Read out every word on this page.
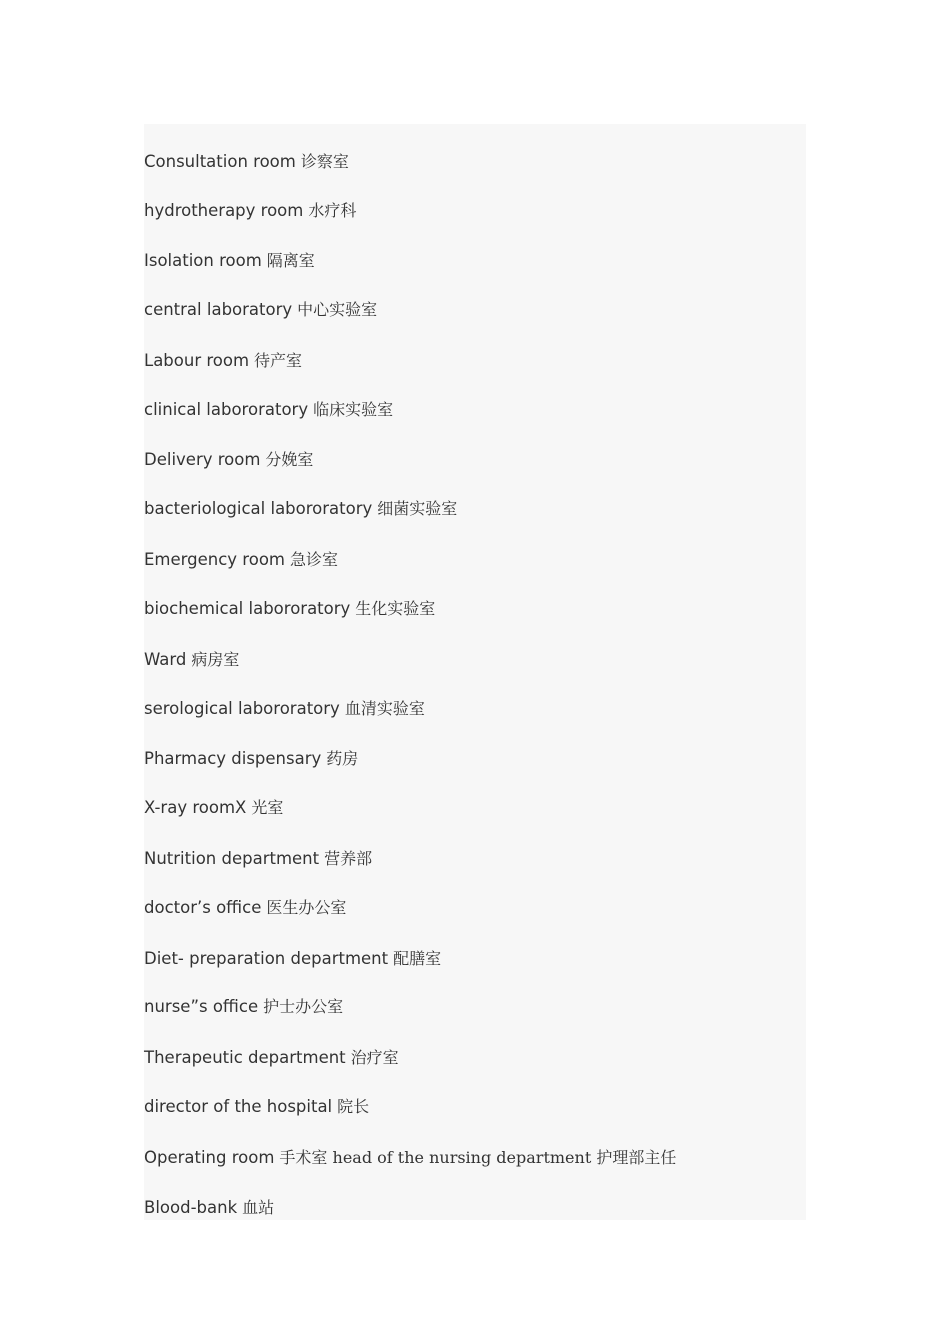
Consultation room 诊察室
hydrotherapy room 水疗科
Isolation room 隔离室
central laboratory 中心实验室
Labour room 待产室
clinical labororatory 临床实验室
Delivery room 分娩室
bacteriological labororatory 细菌实验室
Emergency room 急诊室
biochemical labororatory 生化实验室
Ward 病房室
serological labororatory 血清实验室
Pharmacy dispensary 药房
X-ray roomX 光室
Nutrition department 营养部
doctor’s office 医生办公室
Diet- preparation department 配膳室
nurse”s office 护士办公室
Therapeutic department 治疗室
director of the hospital 院长
Operating room 手术室 head of the nursing department 护理部主任
Blood-bank 血站
